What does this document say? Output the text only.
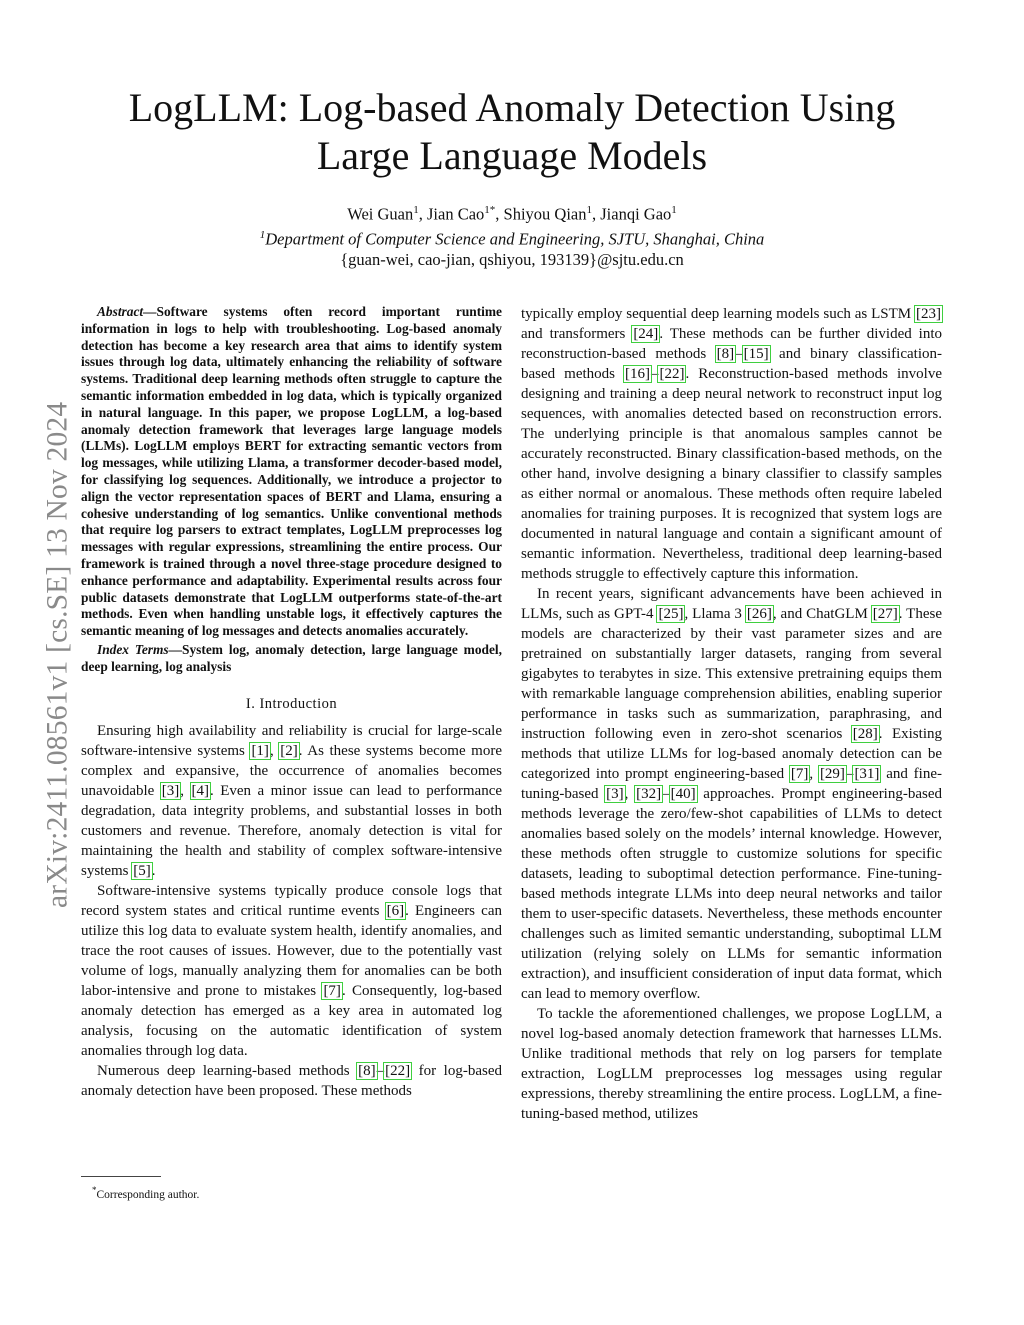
arXiv:2411.08561v1 [cs.SE] 13 Nov 2024
LogLLM: Log-based Anomaly Detection Using
Large Language Models
Wei Guan$^1$, Jian Cao$^{1*}$, Shiyou Qian$^1$, Jianqi Gao$^1$
$^1$Department of Computer Science and Engineering, SJTU, Shanghai, China
{guan-wei, cao-jian, qshiyou, 193139}@sjtu.edu.cn

Abstract—Software systems often record important runtime information in logs to help with troubleshooting. Log-based anomaly detection has become a key research area that aims to identify system issues through log data, ultimately enhancing the reliability of software systems. Traditional deep learning methods often struggle to capture the semantic information embedded in log data, which is typically organized in natural language. In this paper, we propose LogLLM, a log-based anomaly detection framework that leverages large language models (LLMs). LogLLM employs BERT for extracting semantic vectors from log messages, while utilizing Llama, a transformer decoder-based model, for classifying log sequences. Additionally, we introduce a projector to align the vector representation spaces of BERT and Llama, ensuring a cohesive understanding of log semantics. Unlike conventional methods that require log parsers to extract templates, LogLLM preprocesses log messages with regular expressions, streamlining the entire process. Our framework is trained through a novel three-stage procedure designed to enhance performance and adaptability. Experimental results across four public datasets demonstrate that LogLLM outperforms state-of-the-art methods. Even when handling unstable logs, it effectively captures the semantic meaning of log messages and detects anomalies accurately.

Index Terms—System log, anomaly detection, large language model, deep learning, log analysis

I. Introduction

Ensuring high availability and reliability is crucial for large-scale software-intensive systems [1], [2]. As these systems become more complex and expansive, the occurrence of anomalies becomes unavoidable [3], [4]. Even a minor issue can lead to performance degradation, data integrity problems, and substantial losses in both customers and revenue. Therefore, anomaly detection is vital for maintaining the health and stability of complex software-intensive systems [5].

Software-intensive systems typically produce console logs that record system states and critical runtime events [6]. Engineers can utilize this log data to evaluate system health, identify anomalies, and trace the root causes of issues. However, due to the potentially vast volume of logs, manually analyzing them for anomalies can be both labor-intensive and prone to mistakes [7]. Consequently, log-based anomaly detection has emerged as a key area in automated log analysis, focusing on the automatic identification of system anomalies through log data.

Numerous deep learning-based methods [8]–[22] for log-based anomaly detection have been proposed. These methods

typically employ sequential deep learning models such as LSTM [23] and transformers [24]. These methods can be further divided into reconstruction-based methods [8]–[15] and binary classification-based methods [16]–[22]. Reconstruction-based methods involve designing and training a deep neural network to reconstruct input log sequences, with anomalies detected based on reconstruction errors. The underlying principle is that anomalous samples cannot be accurately reconstructed. Binary classification-based methods, on the other hand, involve designing a binary classifier to classify samples as either normal or anomalous. These methods often require labeled anomalies for training purposes. It is recognized that system logs are documented in natural language and contain a significant amount of semantic information. Nevertheless, traditional deep learning-based methods struggle to effectively capture this information.

In recent years, significant advancements have been achieved in LLMs, such as GPT-4 [25], Llama 3 [26], and ChatGLM [27]. These models are characterized by their vast parameter sizes and are pretrained on substantially larger datasets, ranging from several gigabytes to terabytes in size. This extensive pretraining equips them with remarkable language comprehension abilities, enabling superior performance in tasks such as summarization, paraphrasing, and instruction following even in zero-shot scenarios [28]. Existing methods that utilize LLMs for log-based anomaly detection can be categorized into prompt engineering-based [7], [29]–[31] and fine-tuning-based [3], [32]–[40] approaches. Prompt engineering-based methods leverage the zero/few-shot capabilities of LLMs to detect anomalies based solely on the models’ internal knowledge. However, these methods often struggle to customize solutions for specific datasets, leading to suboptimal detection performance. Fine-tuning-based methods integrate LLMs into deep neural networks and tailor them to user-specific datasets. Nevertheless, these methods encounter challenges such as limited semantic understanding, suboptimal LLM utilization (relying solely on LLMs for semantic information extraction), and insufficient consideration of input data format, which can lead to memory overflow.

To tackle the aforementioned challenges, we propose LogLLM, a novel log-based anomaly detection framework that harnesses LLMs. Unlike traditional methods that rely on log parsers for template extraction, LogLLM preprocesses log messages using regular expressions, thereby streamlining the entire process. LogLLM, a fine-tuning-based method, utilizes

*Corresponding author.
